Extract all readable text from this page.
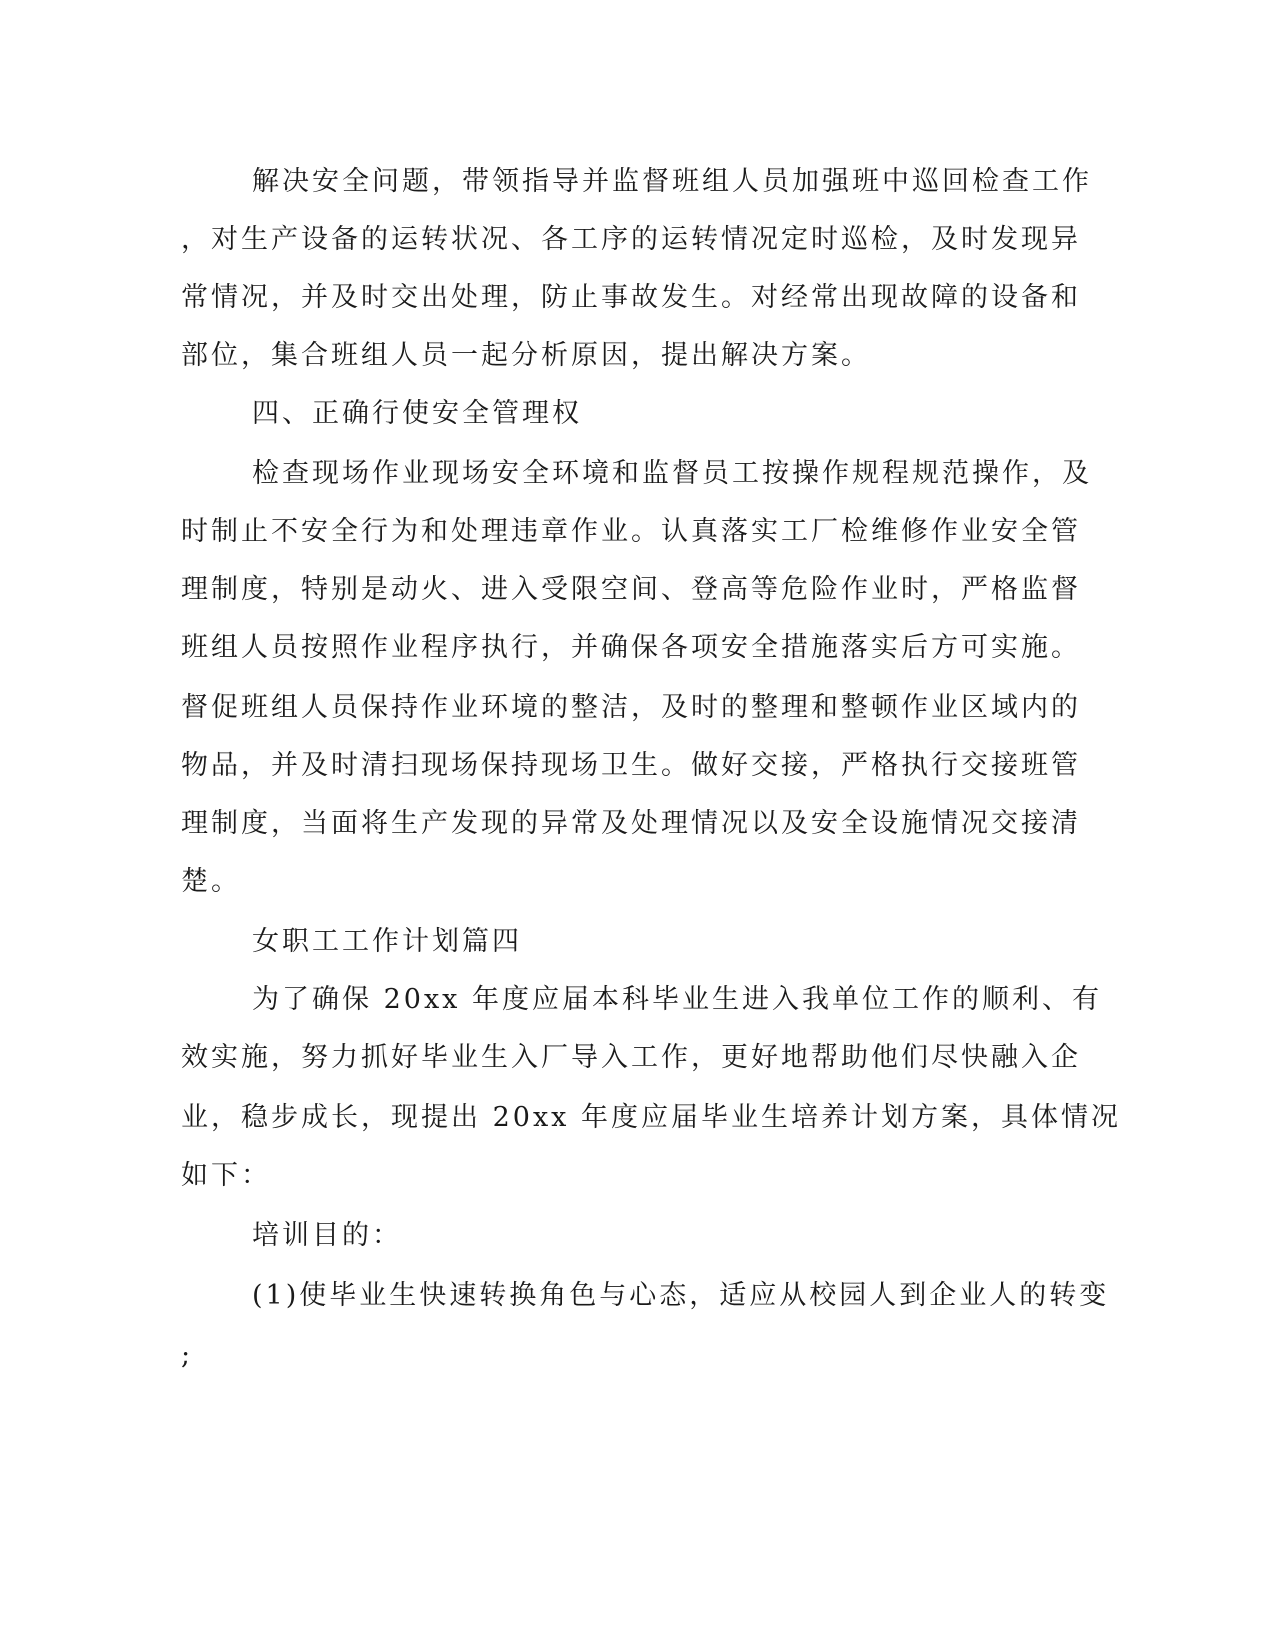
解决安全问题，带领指导并监督班组人员加强班中巡回检查工作

，对生产设备的运转状况、各工序的运转情况定时巡检，及时发现异

常情况，并及时交出处理，防止事故发生。对经常出现故障的设备和

部位，集合班组人员一起分析原因，提出解决方案。

四、正确行使安全管理权

检查现场作业现场安全环境和监督员工按操作规程规范操作，及

时制止不安全行为和处理违章作业。认真落实工厂检维修作业安全管

理制度，特别是动火、进入受限空间、登高等危险作业时，严格监督

班组人员按照作业程序执行，并确保各项安全措施落实后方可实施。

督促班组人员保持作业环境的整洁，及时的整理和整顿作业区域内的

物品，并及时清扫现场保持现场卫生。做好交接，严格执行交接班管

理制度，当面将生产发现的异常及处理情况以及安全设施情况交接清

楚。

女职工工作计划篇四

为了确保 20xx 年度应届本科毕业生进入我单位工作的顺利、有

效实施，努力抓好毕业生入厂导入工作，更好地帮助他们尽快融入企

业，稳步成长，现提出 20xx 年度应届毕业生培养计划方案，具体情况

如下：

培训目的：

(1)使毕业生快速转换角色与心态，适应从校园人到企业人的转变

;
